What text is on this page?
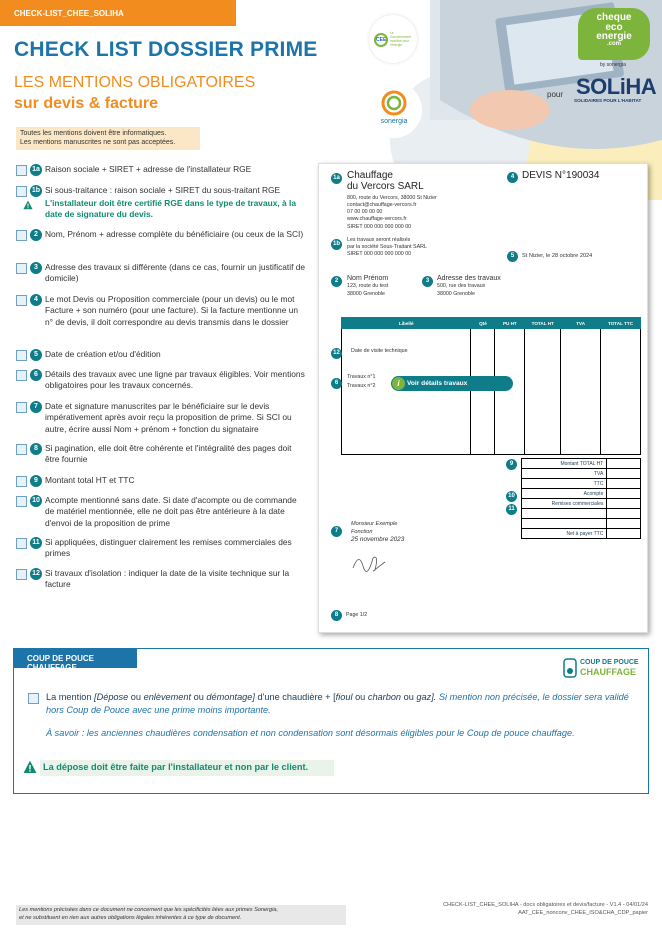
CHECK-LIST_CHEE_SOLIHA
CHECK LIST DOSSIER PRIME
LES MENTIONS OBLIGATOIRES
sur devis & facture
CEE
Le Gouvernement mobilise pour l'énergie
sonergia
cheque
eco
energie
.com
by sonergia
pour SOLiHA
SOLIDAIRES POUR L'HABITAT
Toutes les mentions doivent être informatiques.
Les mentions manuscrites ne sont pas acceptées.
1a Raison sociale + SIRET + adresse de l'installateur RGE
1b Si sous-traitance : raison sociale + SIRET du sous-traitant RGE
L'installateur doit être certifié RGE dans le type de travaux, à la date de signature du devis.
2 Nom, Prénom + adresse complète du bénéficiaire (ou ceux de la SCI)
3 Adresse des travaux si différente (dans ce cas, fournir un justificatif de domicile)
4 Le mot Devis ou Proposition commerciale (pour un devis) ou le mot Facture + son numéro (pour une facture). Si la facture mentionne un n° de devis, il doit correspondre au devis transmis dans le dossier
5 Date de création et/ou d'édition
6 Détails des travaux avec une ligne par travaux éligibles. Voir mentions obligatoires pour les travaux concernés.
7 Date et signature manuscrites par le bénéficiaire sur le devis impérativement après avoir reçu la proposition de prime. Si SCI ou autre, écrire aussi Nom + prénom + fonction du signataire
8 Si pagination, elle doit être cohérente et l'intégralité des pages doit être fournie
9 Montant total HT et TTC
10 Acompte mentionné sans date. Si date d'acompte ou de commande de matériel mentionnée, elle ne doit pas être antérieure à la date d'envoi de la proposition de prime
11 Si appliquées, distinguer clairement les remises commerciales des primes
12 Si travaux d'isolation : indiquer la date de la visite technique sur la facture
1a Chauffage
du Vercors SARL
800, route du Vercors, 38000 St Nizier
contact@chauffage-vercors.fr
07 00 00 00 00
www.chauffage-vercors.fr
SIRET 000 000 000 000 00
4 DEVIS N°190034
1b
Les travaux seront réalisés
par la société Sous-Traitant SARL
SIRET 000 000 000 000 00	5	St Nizier, le 28 octobre 2024
2	Nom Prénom
123, route du test
38000 Grenoble
3	Adresse des travaux
500, rue des travaux
38000 Grenoble
Libellé	Qté	PU HT	TOTAL HT	TVA	TOTAL TTC

12	Date de visite technique
6
Travaux n°1
Travaux n°2	i	Voir détails travaux
9
10
11
Montant TOTAL HT	
TVA	
TTC	
Acompte	
Remises commerciales	

Net à payer TTC	
7
Monsieur Exemple
Fonction
25 novembre 2023
8	Page 1/2
COUP DE POUCE CHAUFFAGE
COUP DE POUCE
CHAUFFAGE
La mention [Dépose ou enlèvement ou démontage] d'une chaudière + [fioul ou charbon ou gaz]. Si mention non précisée, le dossier sera validé hors Coup de Pouce avec une prime moins importante.
À savoir : les anciennes chaudières condensation et non condensation sont désormais éligibles pour le Coup de pouce chauffage.
La dépose doit être faite par l'installateur et non par le client.
Les mentions précisées dans ce document ne concernent que les spécificités liées aux primes Sonergia,
et ne substituent en rien aux autres obligations légales inhérentes à ce type de document.
CHECK-LIST_CHEE_SOLIHA - docs obligatoires et devis/facture - V1.4 - 04/01/24
AAT_CEE_nonconv_CHEE_ISO&CHA_CDP_papier
